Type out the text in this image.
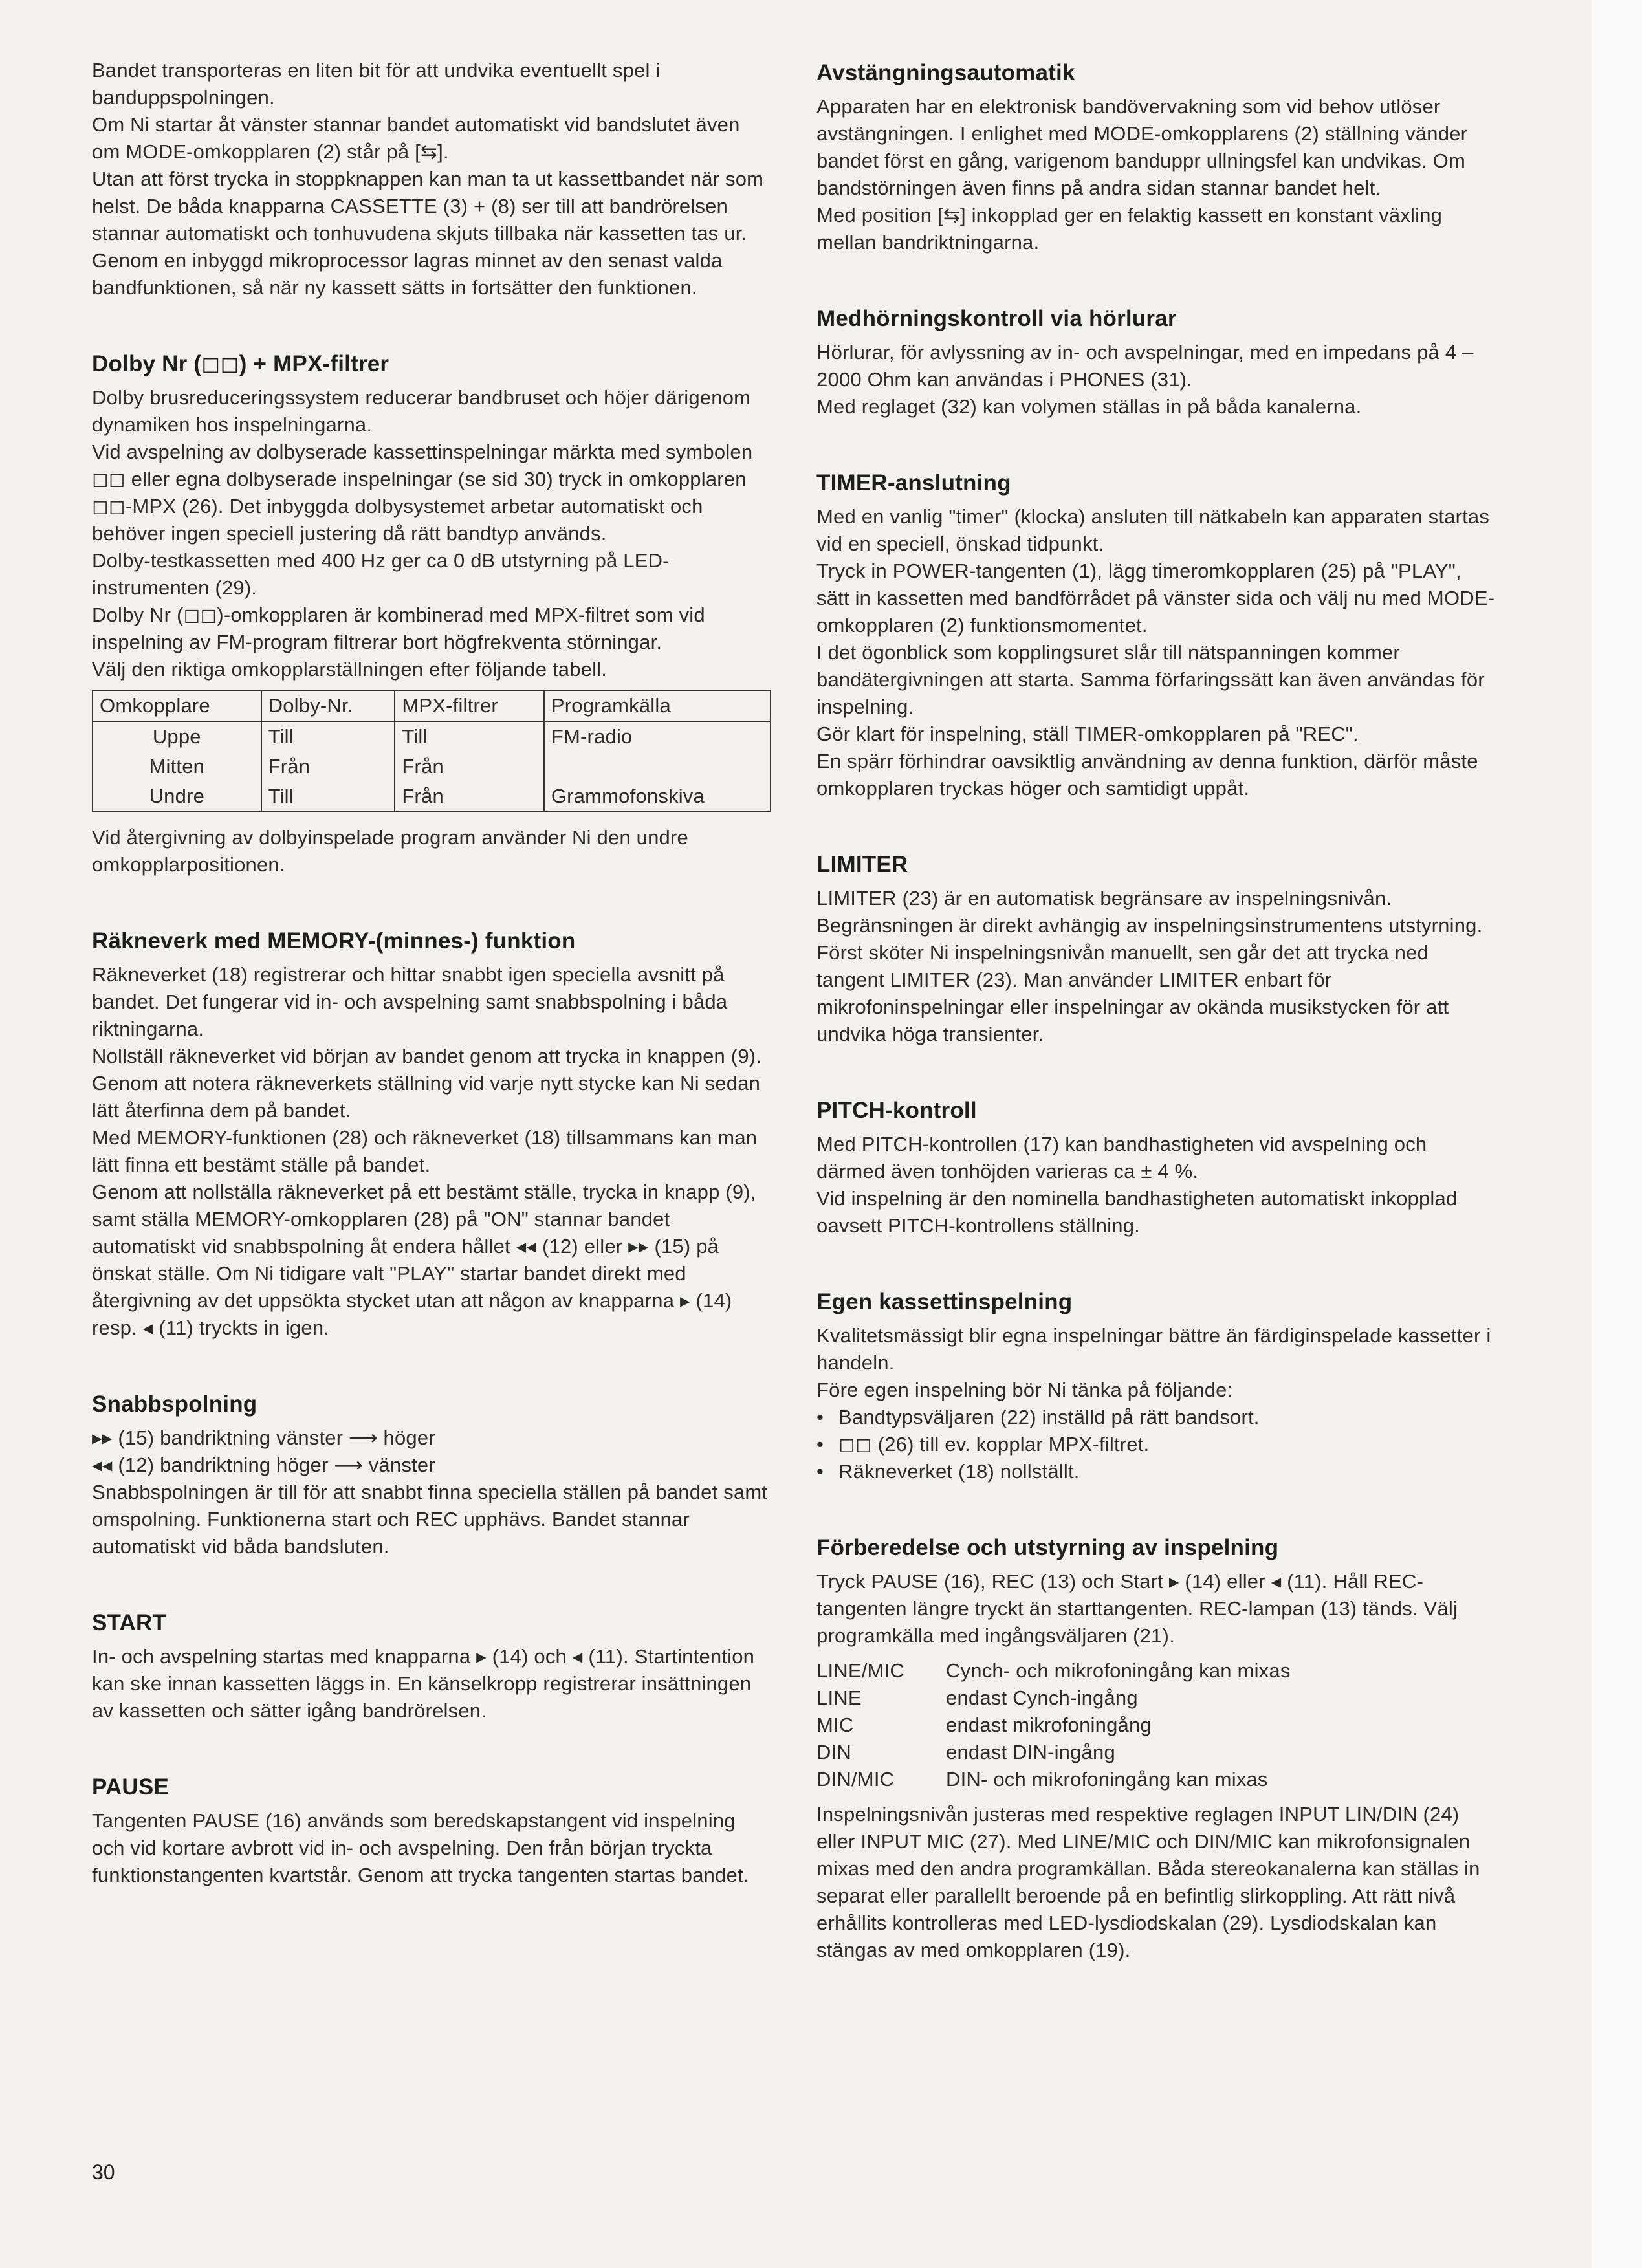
Bandet transporteras en liten bit för att undvika eventuellt spel i banduppspolningen.

Om Ni startar åt vänster stannar bandet automatiskt vid bandslutet även om MODE-omkopplaren (2) står på [⇆].

Utan att först trycka in stoppknappen kan man ta ut kassettbandet när som helst. De båda knapparna CASSETTE (3) + (8) ser till att bandrörelsen stannar automatiskt och tonhuvudena skjuts tillbaka när kassetten tas ur. Genom en inbyggd mikroprocessor lagras minnet av den senast valda bandfunktionen, så när ny kassett sätts in fortsätter den funktionen.

Dolby Nr (◻◻) + MPX-filtrer

Dolby brusreduceringssystem reducerar bandbruset och höjer därigenom dynamiken hos inspelningarna.

Vid avspelning av dolbyserade kassettinspelningar märkta med symbolen ◻◻ eller egna dolbyserade inspelningar (se sid 30) tryck in omkopplaren ◻◻-MPX (26). Det inbyggda dolbysystemet arbetar automatiskt och behöver ingen speciell justering då rätt bandtyp används.

Dolby-testkassetten med 400 Hz ger ca 0 dB utstyrning på LED-instrumenten (29).

Dolby Nr (◻◻)-omkopplaren är kombinerad med MPX-filtret som vid inspelning av FM-program filtrerar bort högfrekventa störningar.

Välj den riktiga omkopplarställningen efter följande tabell.

Omkopplare	Dolby-Nr.	MPX-filtrer	Programkälla
Uppe	Till	Till	FM-radio
Mitten	Från	Från	
Undre	Till	Från	Grammofonskiva

Vid återgivning av dolbyinspelade program använder Ni den undre omkopplarpositionen.

Räkneverk med MEMORY-(minnes-) funktion

Räkneverket (18) registrerar och hittar snabbt igen speciella avsnitt på bandet. Det fungerar vid in- och avspelning samt snabbspolning i båda riktningarna.

Nollställ räkneverket vid början av bandet genom att trycka in knappen (9). Genom att notera räkneverkets ställning vid varje nytt stycke kan Ni sedan lätt återfinna dem på bandet.

Med MEMORY-funktionen (28) och räkneverket (18) tillsammans kan man lätt finna ett bestämt ställe på bandet.

Genom att nollställa räkneverket på ett bestämt ställe, trycka in knapp (9), samt ställa MEMORY-omkopplaren (28) på "ON" stannar bandet automatiskt vid snabbspolning åt endera hållet ◂◂ (12) eller ▸▸ (15) på önskat ställe. Om Ni tidigare valt "PLAY" startar bandet direkt med återgivning av det uppsökta stycket utan att någon av knapparna ▸ (14) resp. ◂ (11) tryckts in igen.

Snabbspolning

▸▸ (15) bandriktning vänster ⟶ höger

◂◂ (12) bandriktning höger ⟶ vänster

Snabbspolningen är till för att snabbt finna speciella ställen på bandet samt omspolning. Funktionerna start och REC upphävs. Bandet stannar automatiskt vid båda bandsluten.

START

In- och avspelning startas med knapparna ▸ (14) och ◂ (11). Startintention kan ske innan kassetten läggs in. En känselkropp registrerar insättningen av kassetten och sätter igång bandrörelsen.

PAUSE

Tangenten PAUSE (16) används som beredskapstangent vid inspelning och vid kortare avbrott vid in- och avspelning. Den från början tryckta funktionstangenten kvartstår. Genom att trycka tangenten startas bandet.

Avstängningsautomatik

Apparaten har en elektronisk bandövervakning som vid behov utlöser avstängningen. I enlighet med MODE-omkopplarens (2) ställning vänder bandet först en gång, varigenom banduppr ullningsfel kan undvikas. Om bandstörningen även finns på andra sidan stannar bandet helt.

Med position [⇆] inkopplad ger en felaktig kassett en konstant växling mellan bandriktningarna.

Medhörningskontroll via hörlurar

Hörlurar, för avlyssning av in- och avspelningar, med en impedans på 4 – 2000 Ohm kan användas i PHONES (31).

Med reglaget (32) kan volymen ställas in på båda kanalerna.

TIMER-anslutning

Med en vanlig "timer" (klocka) ansluten till nätkabeln kan apparaten startas vid en speciell, önskad tidpunkt.

Tryck in POWER-tangenten (1), lägg timeromkopplaren (25) på "PLAY", sätt in kassetten med bandförrådet på vänster sida och välj nu med MODE-omkopplaren (2) funktionsmomentet.

I det ögonblick som kopplingsuret slår till nätspanningen kommer bandätergivningen att starta. Samma förfaringssätt kan även användas för inspelning.

Gör klart för inspelning, ställ TIMER-omkopplaren på "REC".

En spärr förhindrar oavsiktlig användning av denna funktion, därför måste omkopplaren tryckas höger och samtidigt uppåt.

LIMITER

LIMITER (23) är en automatisk begränsare av inspelningsnivån. Begränsningen är direkt avhängig av inspelningsinstrumentens utstyrning. Först sköter Ni inspelningsnivån manuellt, sen går det att trycka ned tangent LIMITER (23). Man använder LIMITER enbart för mikrofoninspelningar eller inspelningar av okända musikstycken för att undvika höga transienter.

PITCH-kontroll

Med PITCH-kontrollen (17) kan bandhastigheten vid avspelning och därmed även tonhöjden varieras ca ± 4 %.

Vid inspelning är den nominella bandhastigheten automatiskt inkopplad oavsett PITCH-kontrollens ställning.

Egen kassettinspelning

Kvalitetsmässigt blir egna inspelningar bättre än färdiginspelade kassetter i handeln.

Före egen inspelning bör Ni tänka på följande:

• Bandtypsväljaren (22) inställd på rätt bandsort.
• ◻◻ (26) till ev. kopplar MPX-filtret.
• Räkneverket (18) nollställt.
Förberedelse och utstyrning av inspelning

Tryck PAUSE (16), REC (13) och Start ▸ (14) eller ◂ (11). Håll REC-tangenten längre tryckt än starttangenten. REC-lampan (13) tänds. Välj programkälla med ingångsväljaren (21).

LINE/MIC	Cynch- och mikrofoningång kan mixas
LINE	endast Cynch-ingång
MIC	endast mikrofoningång
DIN	endast DIN-ingång
DIN/MIC	DIN- och mikrofoningång kan mixas

Inspelningsnivån justeras med respektive reglagen INPUT LIN/DIN (24) eller INPUT MIC (27). Med LINE/MIC och DIN/MIC kan mikrofonsignalen mixas med den andra programkällan. Båda stereokanalerna kan ställas in separat eller parallellt beroende på en befintlig slirkoppling. Att rätt nivå erhållits kontrolleras med LED-lysdiodskalan (29). Lysdiodskalan kan stängas av med omkopplaren (19).

30
